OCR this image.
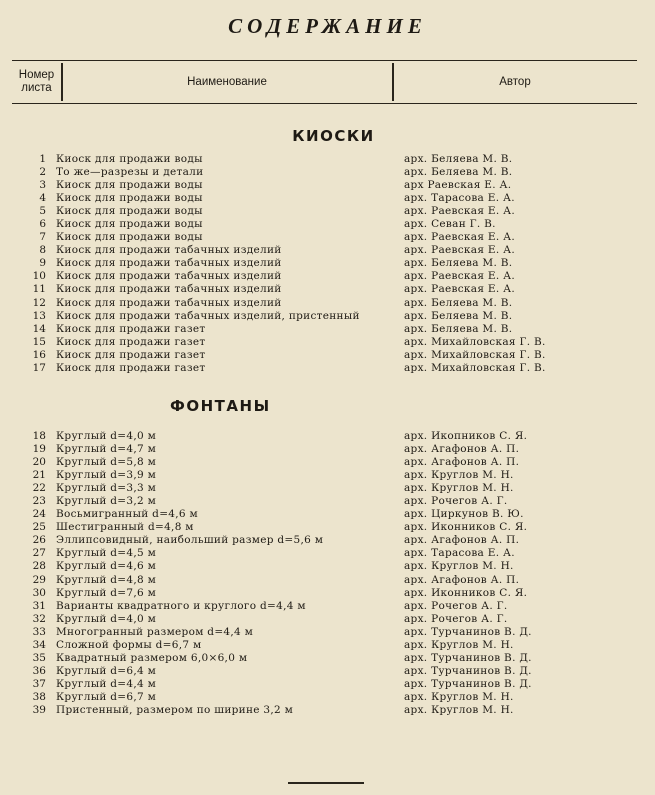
СОДЕРЖАНИЕ
Номер
листа	Наименование	Автор
КИОСКИ
1 Киоск для продажи воды	арх. Беляева М. В.
2 То же—разрезы и детали	арх. Беляева М. В.
3 Киоск для продажи воды	арх Раевская Е. А.
4 Киоск для продажи воды	арх. Тарасова Е. А.
5 Киоск для продажи воды	арх. Раевская Е. А.
6 Киоск для продажи воды	арх. Севан Г. В.
7 Киоск для продажи воды	арх. Раевская Е. А.
8 Киоск для продажи табачных изделий	арх. Раевская Е. А.
9 Киоск для продажи табачных изделий	арх. Беляева М. В.
10 Киоск для продажи табачных изделий	арх. Раевская Е. А.
11 Киоск для продажи табачных изделий	арх. Раевская Е. А.
12 Киоск для продажи табачных изделий	арх. Беляева М. В.
13 Киоск для продажи табачных изделий, пристенный	арх. Беляева М. В.
14 Киоск для продажи газет	арх. Беляева М. В.
15 Киоск для продажи газет	арх. Михайловская Г. В.
16 Киоск для продажи газет	арх. Михайловская Г. В.
17 Киоск для продажи газет	арх. Михайловская Г. В.
ФОНТАНЫ
18 Круглый d=4,0 м	арх. Икопников С. Я.
19 Круглый d=4,7 м	арх. Агафонов А. П.
20 Круглый d=5,8 м	арх. Агафонов А. П.
21 Круглый d=3,9 м	арх. Круглов М. Н.
22 Круглый d=3,3 м	арх. Круглов М. Н.
23 Круглый d=3,2 м	арх. Рочегов А. Г.
24 Восьмигранный d=4,6 м	арх. Циркунов В. Ю.
25 Шестигранный d=4,8 м	арх. Иконников С. Я.
26 Эллипсовидный, наибольший размер d=5,6 м	арх. Агафонов А. П.
27 Круглый d=4,5 м	арх. Тарасова Е. А.
28 Круглый d=4,6 м	арх. Круглов М. Н.
29 Круглый d=4,8 м	арх. Агафонов А. П.
30 Круглый d=7,6 м	арх. Иконников С. Я.
31 Варианты квадратного и круглого d=4,4 м	арх. Рочегов А. Г.
32 Круглый d=4,0 м	арх. Рочегов А. Г.
33 Многогранный размером d=4,4 м	арх. Турчанинов В. Д.
34 Сложной формы d=6,7 м	арх. Круглов М. Н.
35 Квадратный размером 6,0×6,0 м	арх. Турчанинов В. Д.
36 Круглый d=6,4 м	арх. Турчанинов В. Д.
37 Круглый d=4,4 м	арх. Турчанинов В. Д.
38 Круглый d=6,7 м	арх. Круглов М. Н.
39 Пристенный, размером по ширине 3,2 м	арх. Круглов М. Н.
